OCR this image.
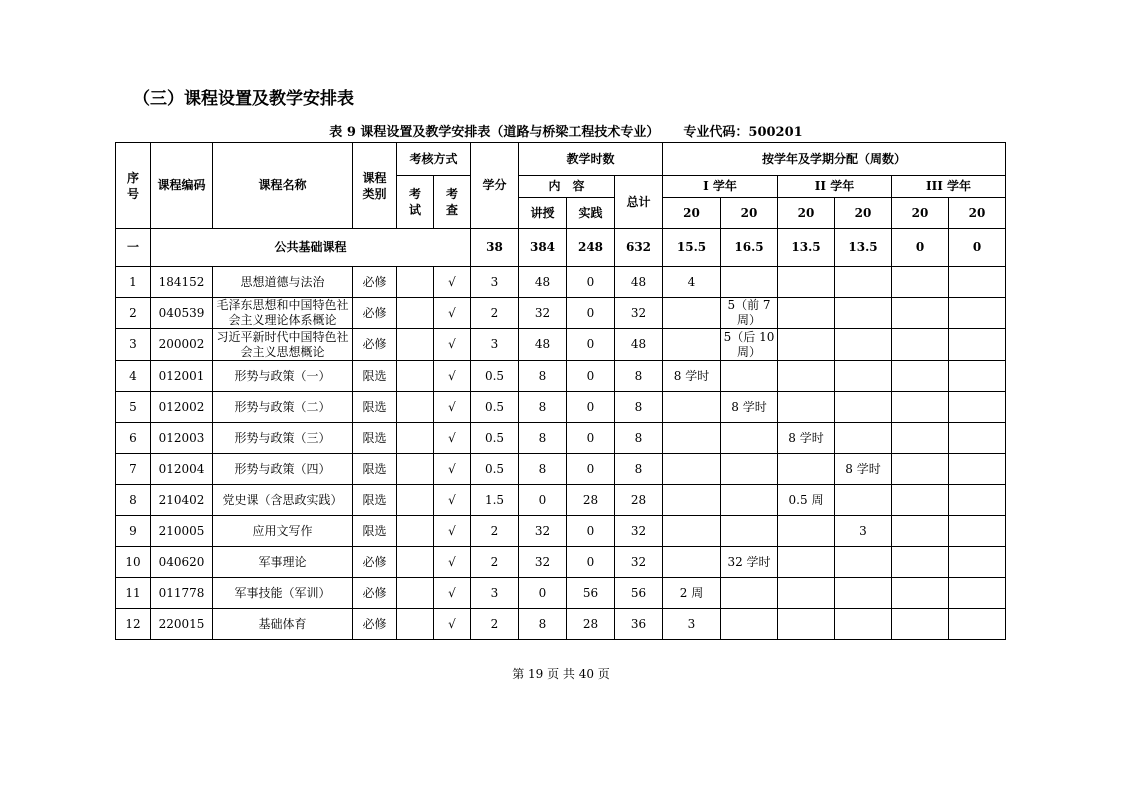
（三）课程设置及教学安排表
表 9 课程设置及教学安排表（道路与桥梁工程技术专业） 专业代码：500201
序号	课程编码	课程名称	课程类别	考核方式		学分	教学时数			按学年及学期分配（周数）					
				考试	考查		内　容		总计	I 学年		II 学年		III 学年	
							讲授	实践		20	20	20	20	20	20
一	公共基础课程					38	384	248	632	15.5	16.5	13.5	13.5	0	0
1	184152	思想道德与法治	必修		√	3	48	0	48	4					
2	040539	毛泽东思想和中国特色社会主义理论体系概论	必修		√	2	32	0	32		5（前 7 周）				
3	200002	习近平新时代中国特色社会主义思想概论	必修		√	3	48	0	48		5（后 10 周）				
4	012001	形势与政策（一）	限选		√	0.5	8	0	8	8 学时					
5	012002	形势与政策（二）	限选		√	0.5	8	0	8		8 学时				
6	012003	形势与政策（三）	限选		√	0.5	8	0	8			8 学时			
7	012004	形势与政策（四）	限选		√	0.5	8	0	8				8 学时		
8	210402	党史课（含思政实践）	限选		√	1.5	0	28	28			0.5 周			
9	210005	应用文写作	限选		√	2	32	0	32				3		
10	040620	军事理论	必修		√	2	32	0	32		32 学时				
11	011778	军事技能（军训）	必修		√	3	0	56	56	2 周					
12	220015	基础体育	必修		√	2	8	28	36	3					
第 19 页 共 40 页
